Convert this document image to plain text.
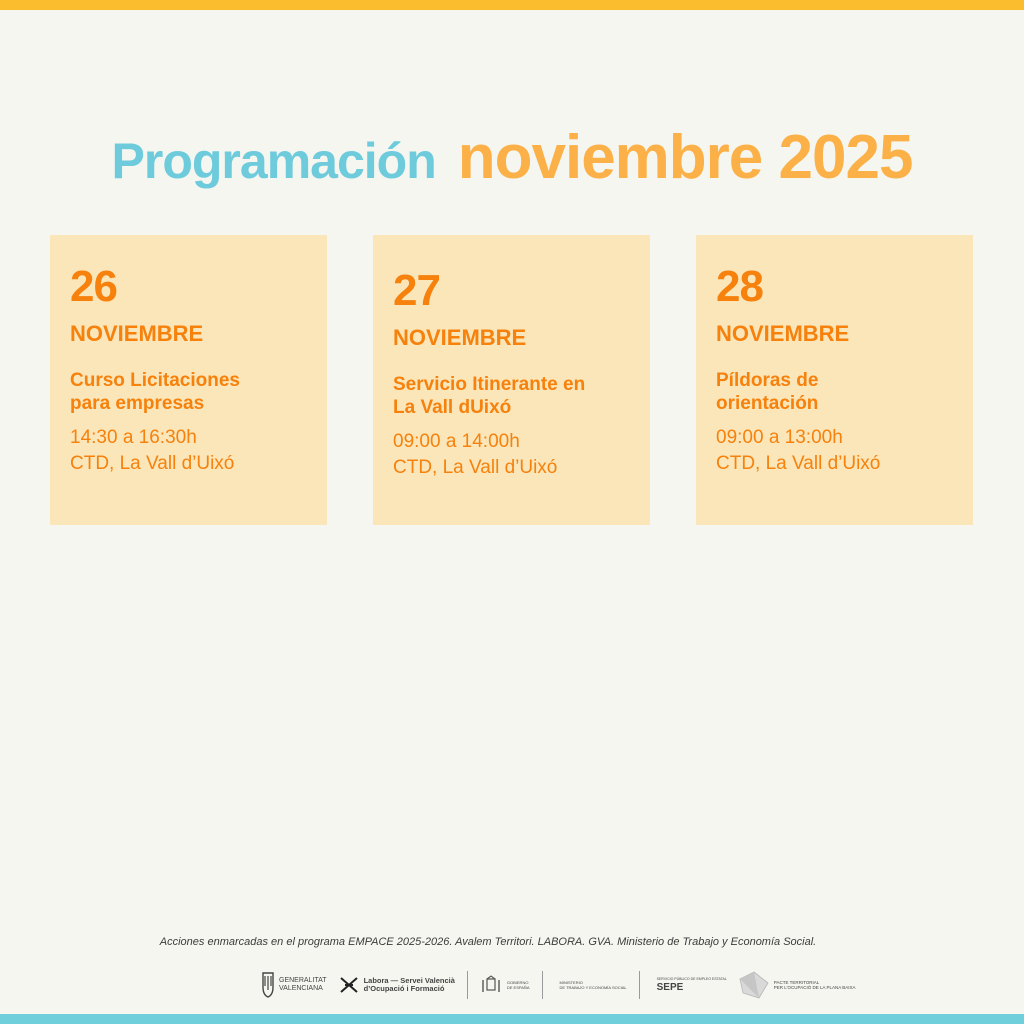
Programación noviembre 2025
26
NOVIEMBRE
Curso Licitaciones
para empresas
14:30 a 16:30h
CTD, La Vall d’Uixó
27
NOVIEMBRE
Servicio Itinerante en
La Vall dUixó
09:00 a 14:00h
CTD, La Vall d’Uixó
28
NOVIEMBRE
Píldoras de
orientación
09:00 a 13:00h
CTD, La Vall d’Uixó
Acciones enmarcadas en el programa EMPACE 2025-2026. Avalem Territori. LABORA. GVA. Ministerio de Trabajo y Economía Social.
GENERALITAT
VALENCIANA
Labora — Servei Valencià
d’Ocupació i Formació
GOBIERNO
DE ESPAÑA
MINISTERIO
DE TRABAJO Y ECONOMÍA SOCIAL
SERVICIO PÚBLICO DE EMPLEO ESTATAL
SEPE	PACTE TERRITORIAL
PER L’OCUPACIÓ DE LA PLANA BAIXA
